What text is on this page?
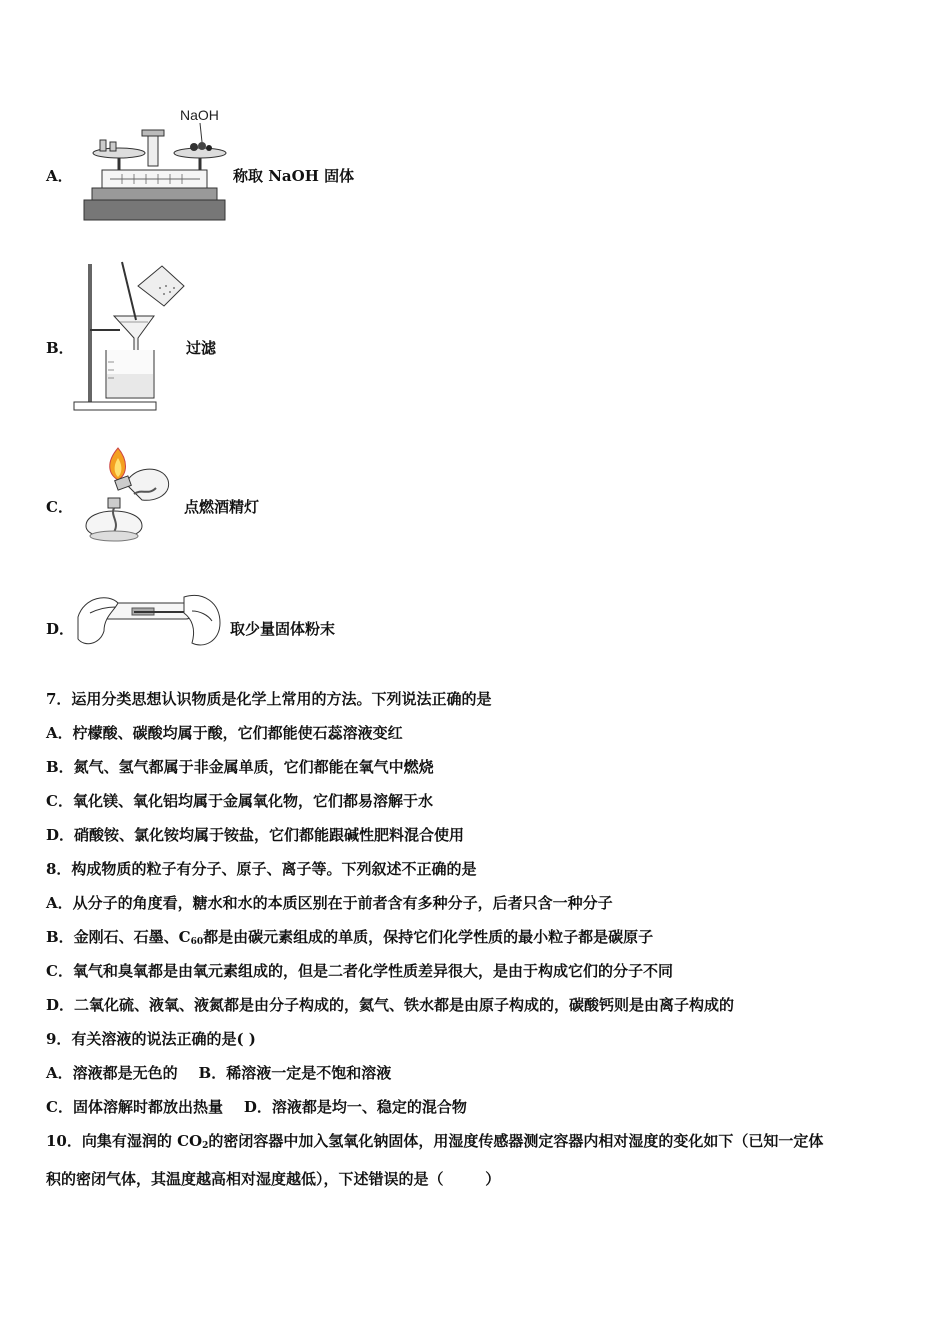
A．
NaOH
称取 NaOH 固体
B．	过滤
C．	点燃酒精灯
D．	取少量固体粉末
7．运用分类思想认识物质是化学上常用的方法。下列说法正确的是
A．柠檬酸、碳酸均属于酸，它们都能使石蕊溶液变红
B．氮气、氢气都属于非金属单质，它们都能在氧气中燃烧
C．氧化镁、氧化铝均属于金属氧化物，它们都易溶解于水
D．硝酸铵、氯化铵均属于铵盐，它们都能跟碱性肥料混合使用
8．构成物质的粒子有分子、原子、离子等。下列叙述不正确的是
A．从分子的角度看，糖水和水的本质区别在于前者含有多种分子，后者只含一种分子
B．金刚石、石墨、$C_{60}$都是由碳元素组成的单质，保持它们化学性质的最小粒子都是碳原子
C．氧气和臭氧都是由氧元素组成的，但是二者化学性质差异很大，是由于构成它们的分子不同
D．二氧化硫、液氧、液氮都是由分子构成的，氦气、铁水都是由原子构成的，碳酸钙则是由离子构成的
9．有关溶液的说法正确的是( )
A．溶液都是无色的    B．稀溶液一定是不饱和溶液
C．固体溶解时都放出热量    D．溶液都是均一、稳定的混合物
10．向集有湿润的 $CO_2$的密闭容器中加入氢氧化钠固体，用湿度传感器测定容器内相对湿度的变化如下（已知一定体
积的密闭气体，其温度越高相对湿度越低），下述错误的是（        ）
